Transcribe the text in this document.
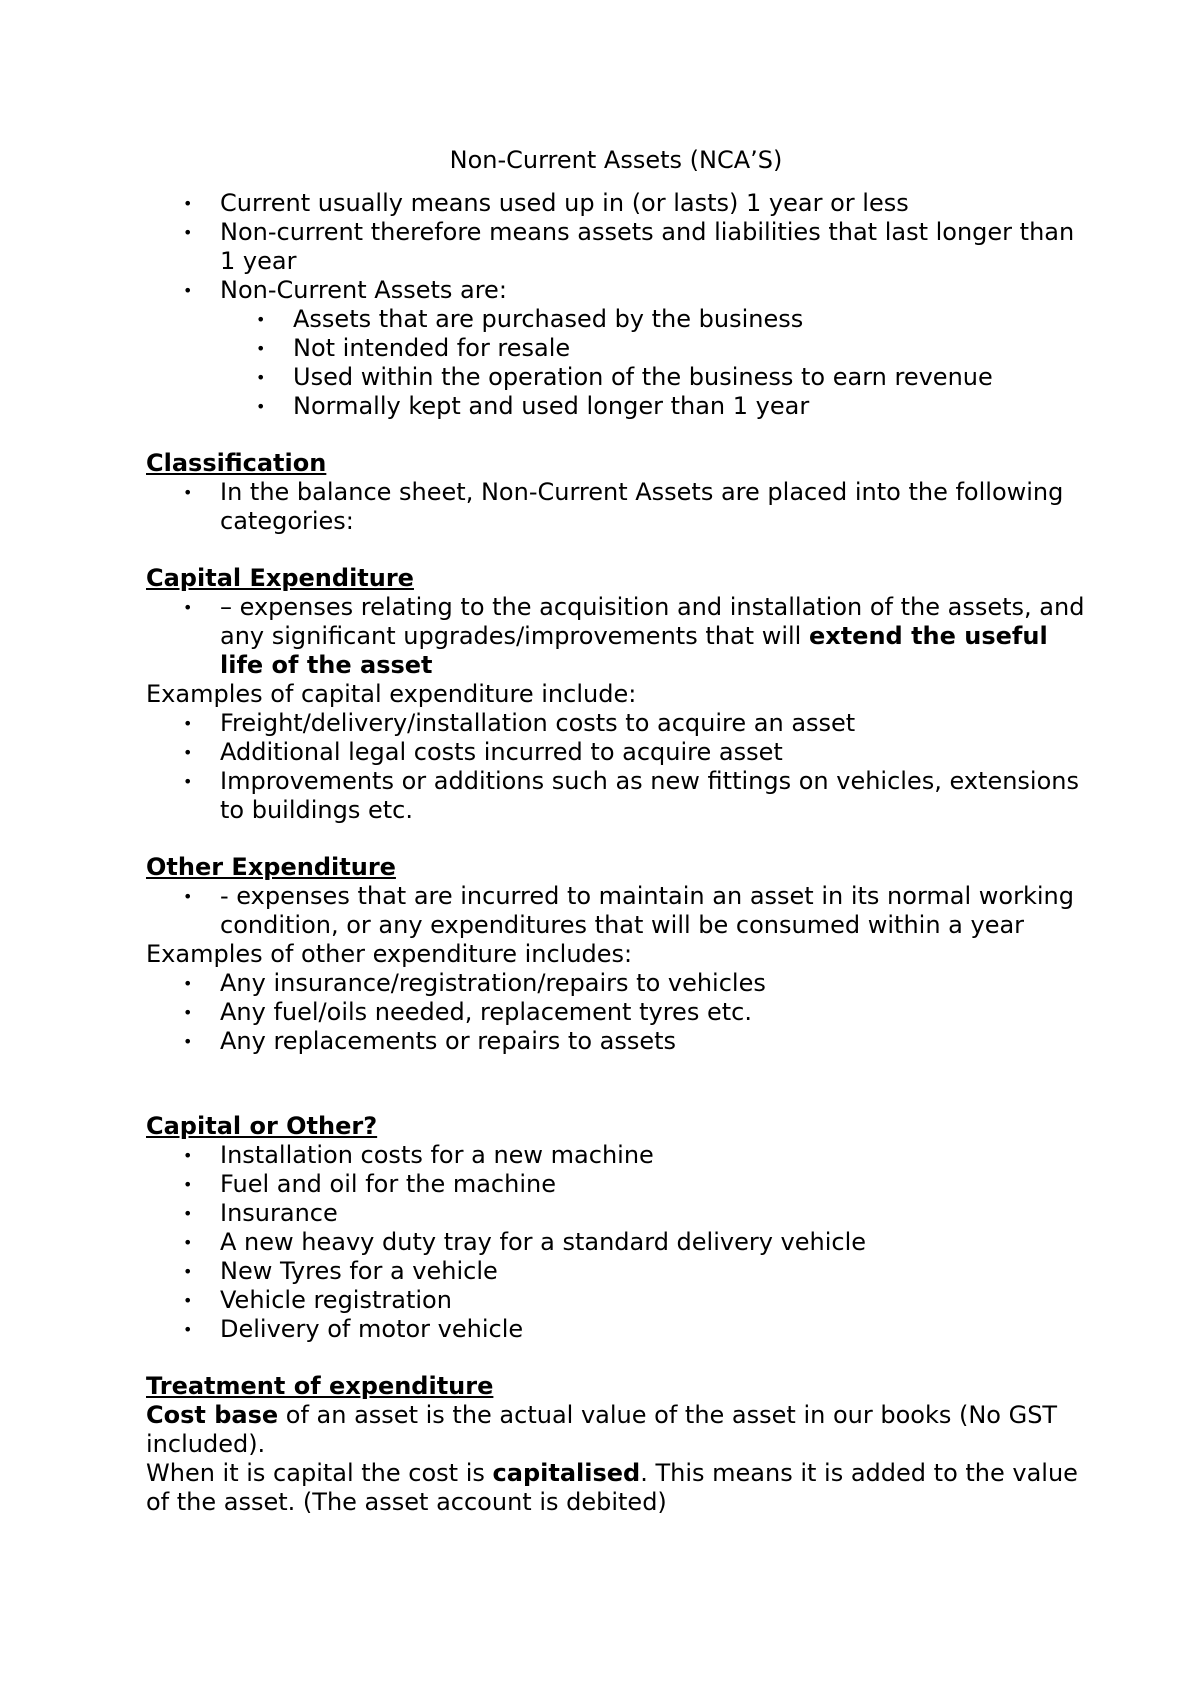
Non-Current Assets (NCA’S)

• Current usually means used up in (or lasts) 1 year or less
• Non-current therefore means assets and liabilities that last longer than 1 year
• Non-Current Assets are:
• Assets that are purchased by the business
• Not intended for resale
• Used within the operation of the business to earn revenue
• Normally kept and used longer than 1 year

Classification

• In the balance sheet, Non-Current Assets are placed into the following categories:

Capital Expenditure

• – expenses relating to the acquisition and installation of the assets, and any significant upgrades/improvements that will extend the useful life of the asset

Examples of capital expenditure include:

• Freight/delivery/installation costs to acquire an asset
• Additional legal costs incurred to acquire asset
• Improvements or additions such as new fittings on vehicles, extensions to buildings etc.

Other Expenditure

• - expenses that are incurred to maintain an asset in its normal working condition, or any expenditures that will be consumed within a year

Examples of other expenditure includes:

• Any insurance/registration/repairs to vehicles
• Any fuel/oils needed, replacement tyres etc.
• Any replacements or repairs to assets

Capital or Other?

• Installation costs for a new machine
• Fuel and oil for the machine
• Insurance
• A new heavy duty tray for a standard delivery vehicle
• New Tyres for a vehicle
• Vehicle registration
• Delivery of motor vehicle

Treatment of expenditure

Cost base of an asset is the actual value of the asset in our books (No GST included).

When it is capital the cost is capitalised. This means it is added to the value of the asset. (The asset account is debited)
